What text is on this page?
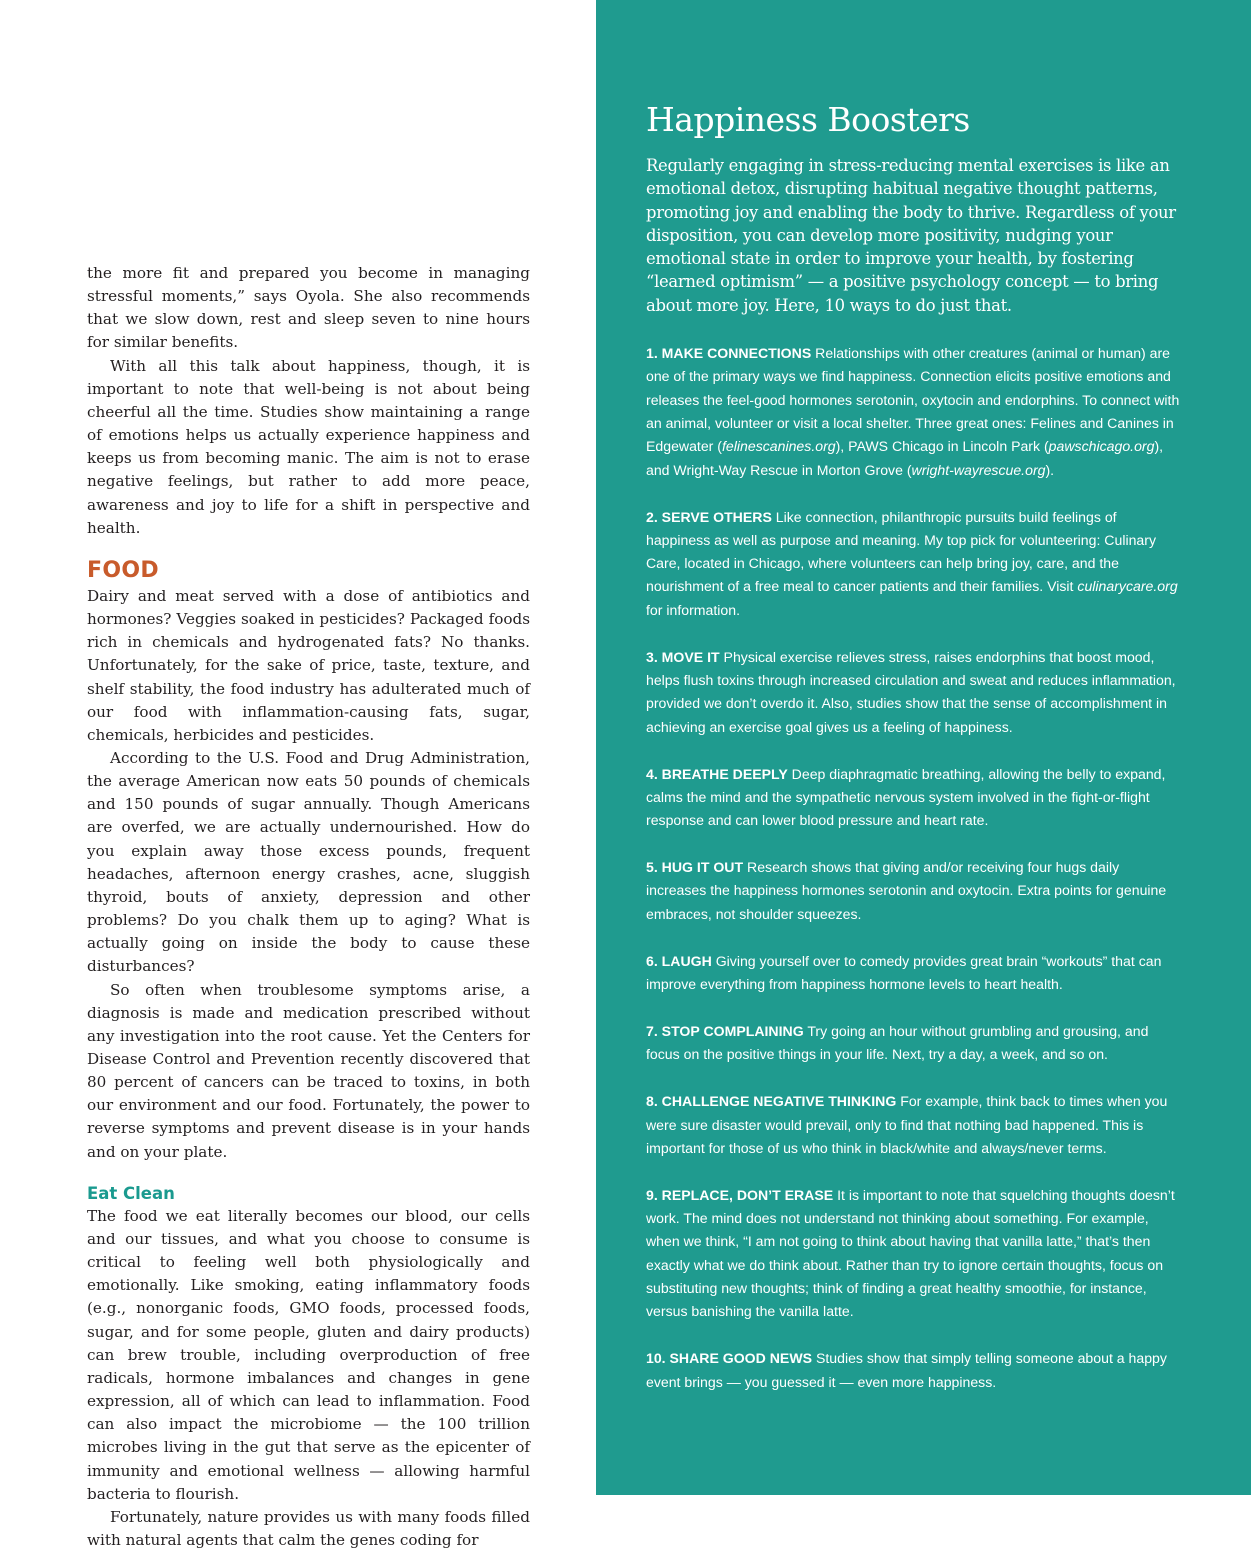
the more fit and prepared you become in managing stressful moments,” says Oyola. She also recommends that we slow down, rest and sleep seven to nine hours for similar benefits.

With all this talk about happiness, though, it is important to note that well-being is not about being cheerful all the time. Studies show maintaining a range of emotions helps us actually experience happiness and keeps us from becoming manic. The aim is not to erase negative feelings, but rather to add more peace, awareness and joy to life for a shift in perspective and health.

FOOD

Dairy and meat served with a dose of antibiotics and hormones? Veggies soaked in pesticides? Packaged foods rich in chemicals and hydrogenated fats? No thanks. Unfortunately, for the sake of price, taste, texture, and shelf stability, the food industry has adulterated much of our food with inflammation-causing fats, sugar, chemicals, herbicides and pesticides.

According to the U.S. Food and Drug Administration, the average American now eats 50 pounds of chemicals and 150 pounds of sugar annually. Though Americans are overfed, we are actually undernourished. How do you explain away those excess pounds, frequent headaches, afternoon energy crashes, acne, sluggish thyroid, bouts of anxiety, depression and other problems? Do you chalk them up to aging? What is actually going on inside the body to cause these disturbances?

So often when troublesome symptoms arise, a diagnosis is made and medication prescribed without any investigation into the root cause. Yet the Centers for Disease Control and Prevention recently discovered that 80 percent of cancers can be traced to toxins, in both our environment and our food. Fortunately, the power to reverse symptoms and prevent disease is in your hands and on your plate.

Eat Clean

The food we eat literally becomes our blood, our cells and our tissues, and what you choose to consume is critical to feeling well both physiologically and emotionally. Like smoking, eating inflammatory foods (e.g., nonorganic foods, GMO foods, processed foods, sugar, and for some people, gluten and dairy products) can brew trouble, including overproduction of free radicals, hormone imbalances and changes in gene expression, all of which can lead to inflammation. Food can also impact the microbiome — the 100 trillion microbes living in the gut that serve as the epicenter of immunity and emotional wellness — allowing harmful bacteria to flourish.

Fortunately, nature provides us with many foods filled with natural agents that calm the genes coding for

Happiness Boosters

Regularly engaging in stress-reducing mental exercises is like an emotional detox, disrupting habitual negative thought patterns, promoting joy and enabling the body to thrive. Regardless of your disposition, you can develop more positivity, nudging your emotional state in order to improve your health, by fostering “learned optimism” — a positive psychology concept — to bring about more joy. Here, 10 ways to do just that.

1. MAKE CONNECTIONS Relationships with other creatures (animal or human) are one of the primary ways we find happiness. Connection elicits positive emotions and releases the feel-good hormones serotonin, oxytocin and endorphins. To connect with an animal, volunteer or visit a local shelter. Three great ones: Felines and Canines in Edgewater (felinescanines.org), PAWS Chicago in Lincoln Park (pawschicago.org), and Wright-Way Rescue in Morton Grove (wright-wayrescue.org).

2. SERVE OTHERS Like connection, philanthropic pursuits build feelings of happiness as well as purpose and meaning. My top pick for volunteering: Culinary Care, located in Chicago, where volunteers can help bring joy, care, and the nourishment of a free meal to cancer patients and their families. Visit culinarycare.org for information.

3. MOVE IT Physical exercise relieves stress, raises endorphins that boost mood, helps flush toxins through increased circulation and sweat and reduces inflammation, provided we don’t overdo it. Also, studies show that the sense of accomplishment in achieving an exercise goal gives us a feeling of happiness.

4. BREATHE DEEPLY Deep diaphragmatic breathing, allowing the belly to expand, calms the mind and the sympathetic nervous system involved in the fight-or-flight response and can lower blood pressure and heart rate.

5. HUG IT OUT Research shows that giving and/or receiving four hugs daily increases the happiness hormones serotonin and oxytocin. Extra points for genuine embraces, not shoulder squeezes.

6. LAUGH Giving yourself over to comedy provides great brain “workouts” that can improve everything from happiness hormone levels to heart health.

7. STOP COMPLAINING Try going an hour without grumbling and grousing, and focus on the positive things in your life. Next, try a day, a week, and so on.

8. CHALLENGE NEGATIVE THINKING For example, think back to times when you were sure disaster would prevail, only to find that nothing bad happened. This is important for those of us who think in black/white and always/never terms.

9. REPLACE, DON’T ERASE It is important to note that squelching thoughts doesn’t work. The mind does not understand not thinking about something. For example, when we think, “I am not going to think about having that vanilla latte,” that’s then exactly what we do think about. Rather than try to ignore certain thoughts, focus on substituting new thoughts; think of finding a great healthy smoothie, for instance, versus banishing the vanilla latte.

10. SHARE GOOD NEWS Studies show that simply telling someone about a happy event brings — you guessed it — even more happiness.
